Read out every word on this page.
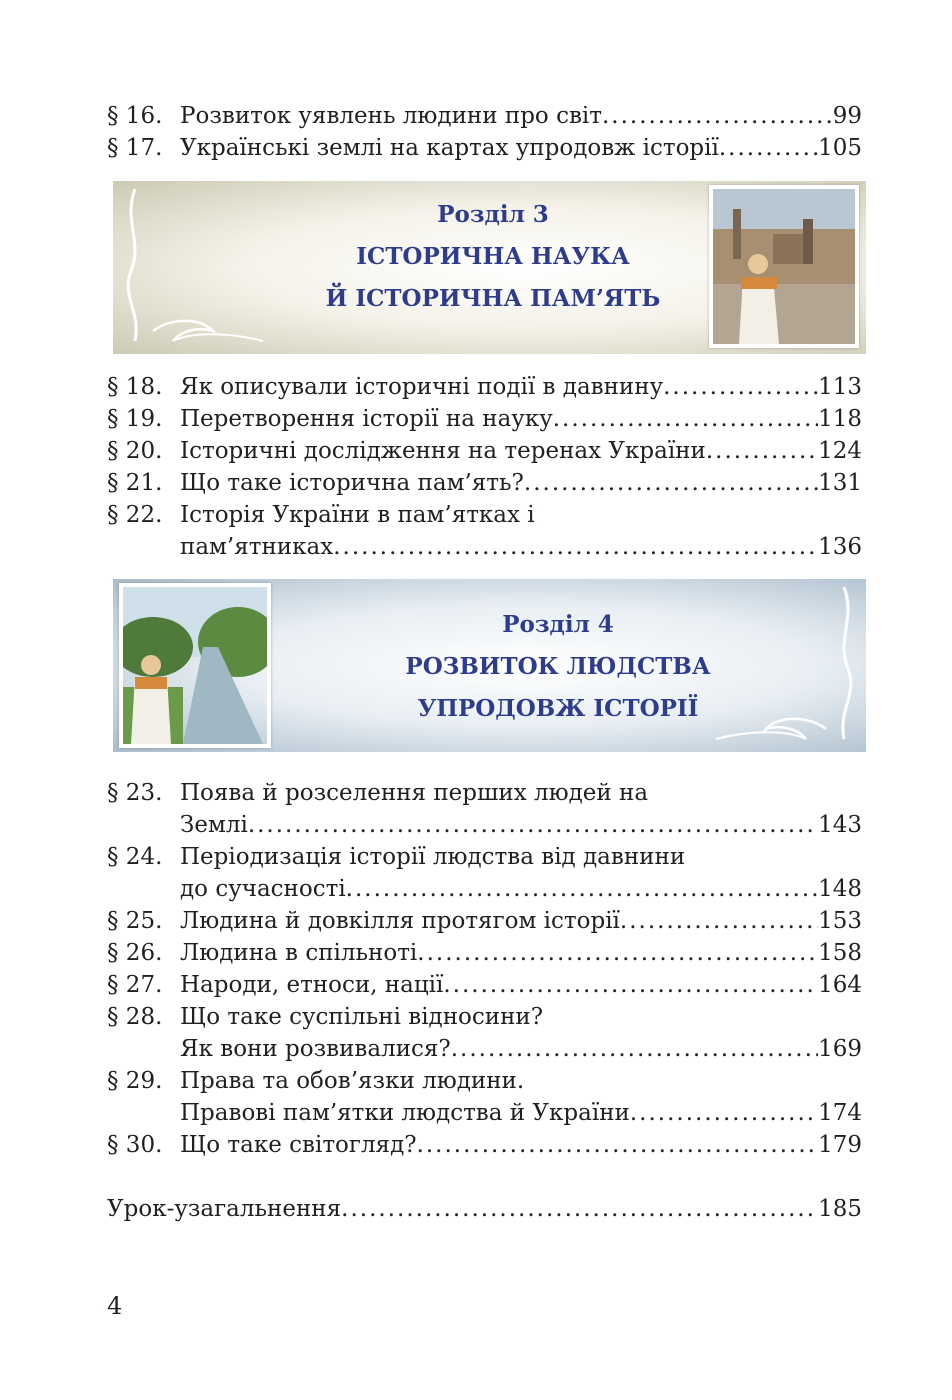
§ 16. Розвиток уявлень людини про світ .....	99
§ 17. Українські землі на картах упродовж історії .....	105
Розділ 3
ІСТОРИЧНА НАУКА
Й ІСТОРИЧНА ПАМ’ЯТЬ
§ 18. Як описували історичні події в давнину .....	113
§ 19. Перетворення історії на науку .....	118
§ 20. Історичні дослідження на теренах України .....	124
§ 21. Що таке історична пам’ять? .....	131
§ 22. Історія України в пам’ятках і
пам’ятниках .....	136
Розділ 4
РОЗВИТОК ЛЮДСТВА
УПРОДОВЖ ІСТОРІЇ
§ 23. Поява й розселення перших людей на
Землі .....	143
§ 24. Періодизація історії людства від давнини
до сучасності .....	148
§ 25. Людина й довкілля протягом історії .....	153
§ 26. Людина в спільноті .....	158
§ 27. Народи, етноси, нації .....	164
§ 28. Що таке суспільні відносини?
Як вони розвивалися? .....	169
§ 29. Права та обов’язки людини.
Правові пам’ятки людства й України .....	174
§ 30. Що таке світогляд? .....	179
Урок-узагальнення .....	185
4
